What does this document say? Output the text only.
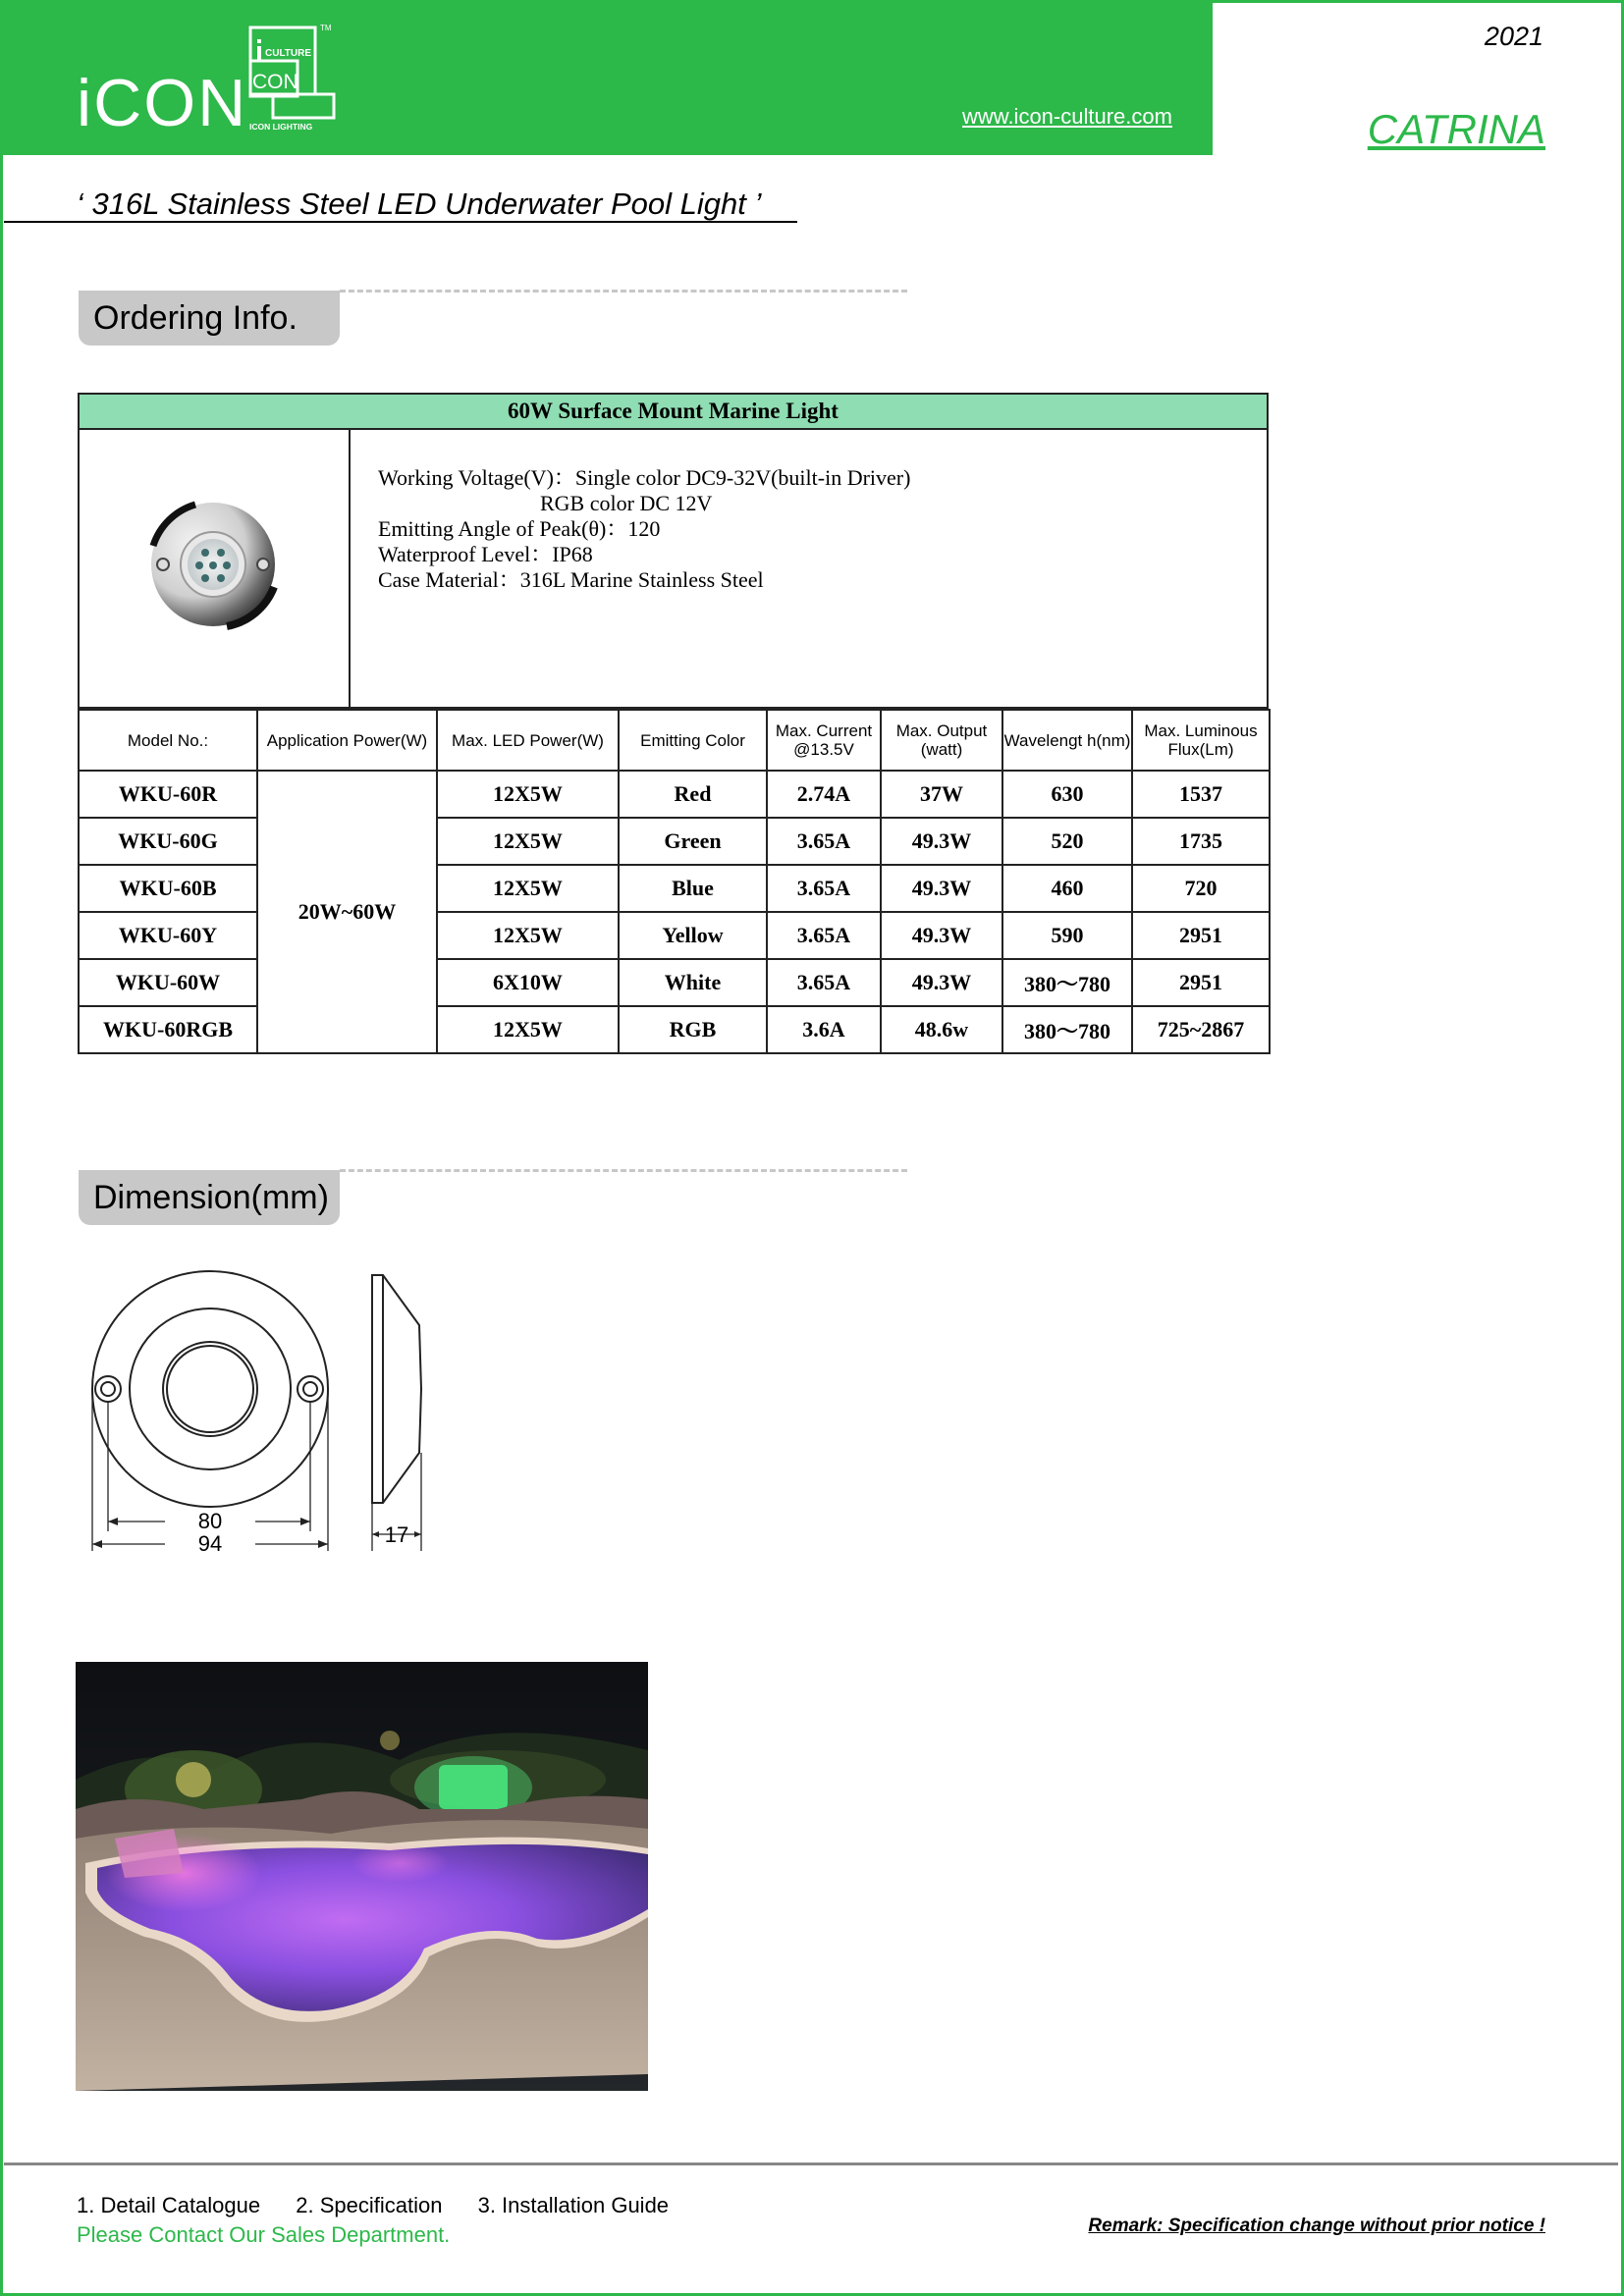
iCON
CULTURE
CON
ICON LIGHTING
TM
www.icon-culture.com
2021
CATRINA
‘ 316L Stainless Steel LED Underwater Pool Light ’
Ordering Info.
60W Surface Mount Marine Light
Working Voltage(V)：Single color DC9-32V(built-in Driver)
RGB color DC 12V
Emitting Angle of Peak(θ)：120
Waterproof Level：IP68
Case Material：316L Marine Stainless Steel
Model No.:	Application Power(W)	Max. LED Power(W)	Emitting Color	Max. Current @13.5V	Max. Output (watt)	Wavelengt h(nm)	Max. Luminous Flux(Lm)
WKU-60R	20W~60W	12X5W	Red	2.74A	37W	630	1537
WKU-60G		12X5W	Green	3.65A	49.3W	520	1735
WKU-60B		12X5W	Blue	3.65A	49.3W	460	720
WKU-60Y		12X5W	Yellow	3.65A	49.3W	590	2951
WKU-60W		6X10W	White	3.65A	49.3W	380～780	2951
WKU-60RGB		12X5W	RGB	3.6A	48.6w	380～780	725~2867
Dimension(mm)
80
94	17
1. Detail Catalogue 2. Specification 3. Installation Guide
Please Contact Our Sales Department.	Remark: Specification change without prior notice !
